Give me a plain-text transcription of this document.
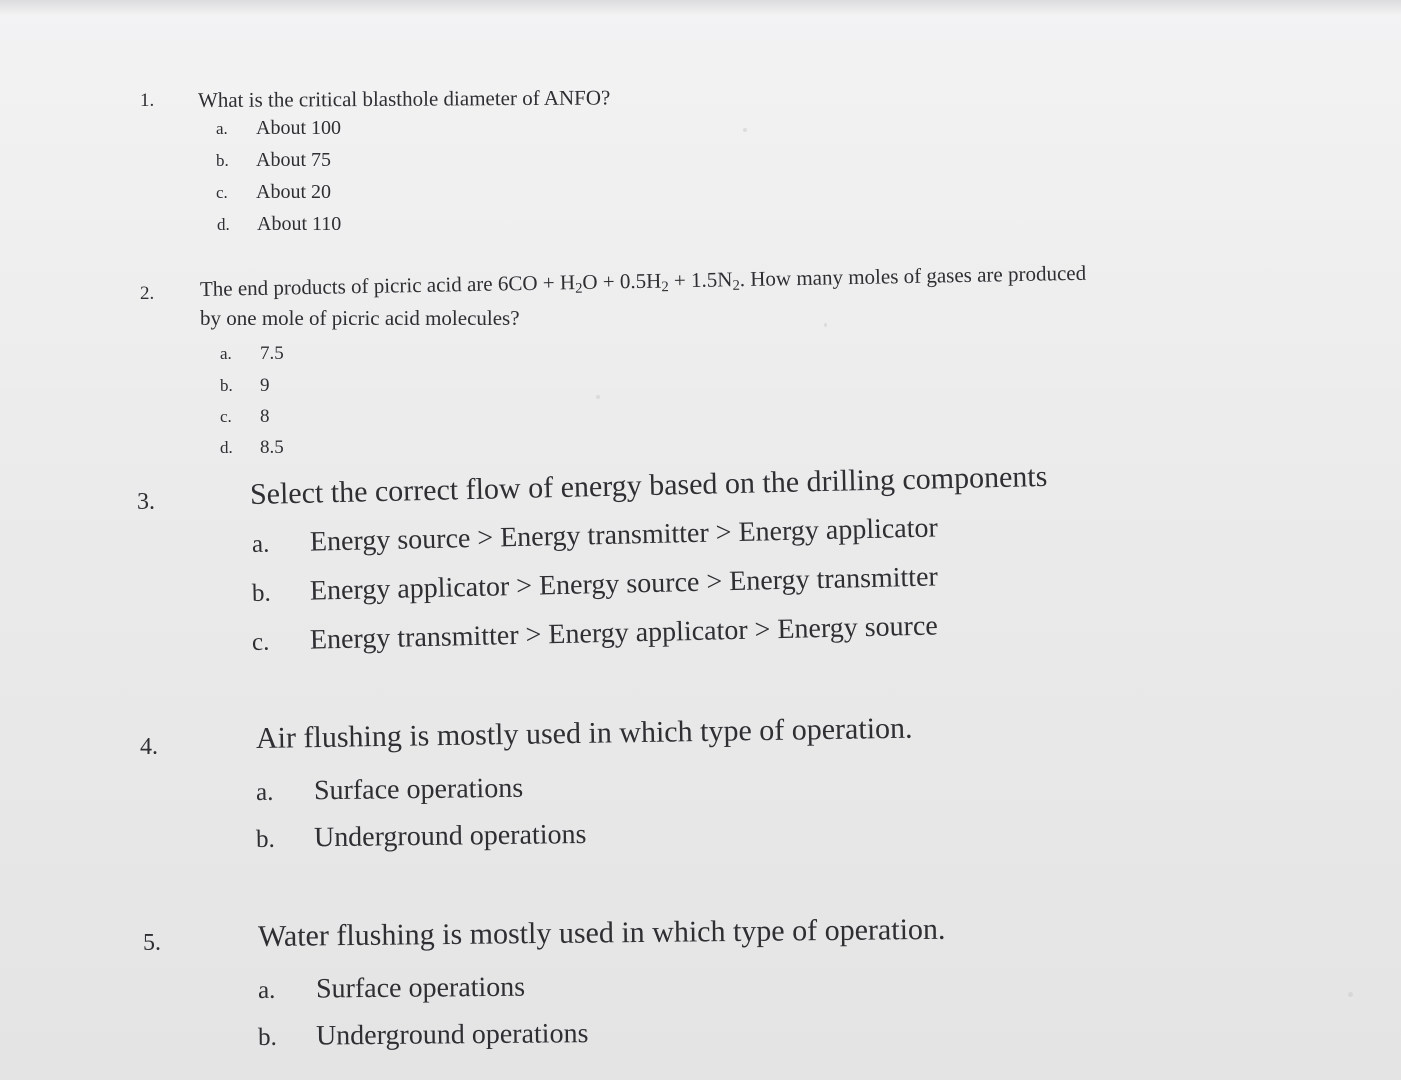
1. What is the critical blasthole diameter of ANFO?
a. About 100
b. About 75
c. About 20
d. About 110
2. The end products of picric acid are $6CO + H_2O + 0.5H_2 + 1.5N_2$. How many moles of gases are produced
by one mole of picric acid molecules?
a. 7.5
b. 9
c. 8
d. 8.5
3.	Select the correct flow of energy based on the drilling components
a. Energy source > Energy transmitter > Energy applicator
b. Energy applicator > Energy source > Energy transmitter
c. Energy transmitter > Energy applicator > Energy source
4.	Air flushing is mostly used in which type of operation.
a. Surface operations
b. Underground operations
5.	Water flushing is mostly used in which type of operation.
a. Surface operations
b. Underground operations
